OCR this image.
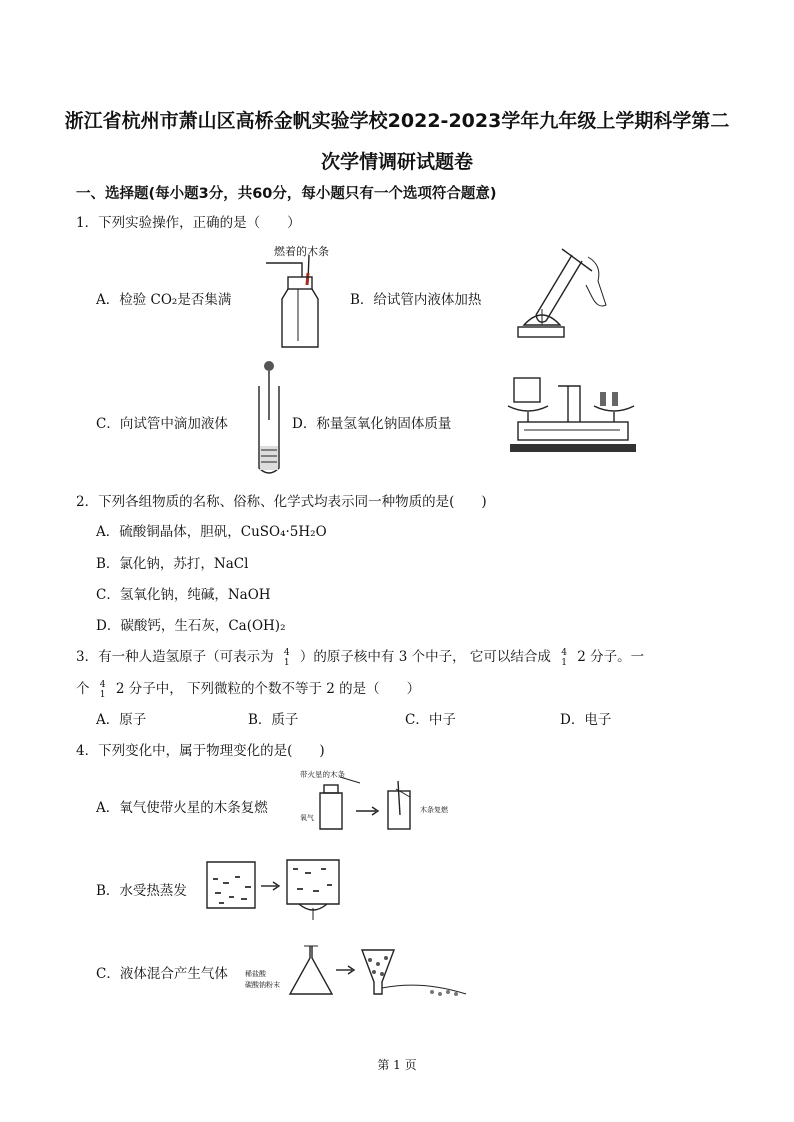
浙江省杭州市萧山区高桥金帆实验学校2022-2023学年九年级上学期科学第二
次学情调研试题卷
一、选择题(每小题3分，共60分，每小题只有一个选项符合题意)
1．下列实验操作，正确的是（　　）
A．检验 CO₂是否集满	B．给试管内液体加热
C．向试管中滴加液体	D．称量氢氧化钠固体质量
燃着的木条
2．下列各组物质的名称、俗称、化学式均表示同一种物质的是(　　)
A．硫酸铜晶体，胆矾，CuSO₄·5H₂O
B．氯化钠，苏打，NaCl
C．氢氧化钠，纯碱，NaOH
D．碳酸钙，生石灰，Ca(OH)₂
3．有一种人造氢原子（可表示为 4
1 ）的原子核中有 3 个中子， 它可以结合成 4
1 2 分子。一
个 4
1 2 分子中， 下列微粒的个数不等于 2 的是（　　）
A．原子	B．质子	C．中子	D．电子
4．下列变化中，属于物理变化的是(　　)
A．氧气使带火星的木条复燃
B．水受热蒸发
C．液体混合产生气体
带火星的木条
木条复燃
氧气
稀盐酸
碳酸钠粉末
第 1 页
